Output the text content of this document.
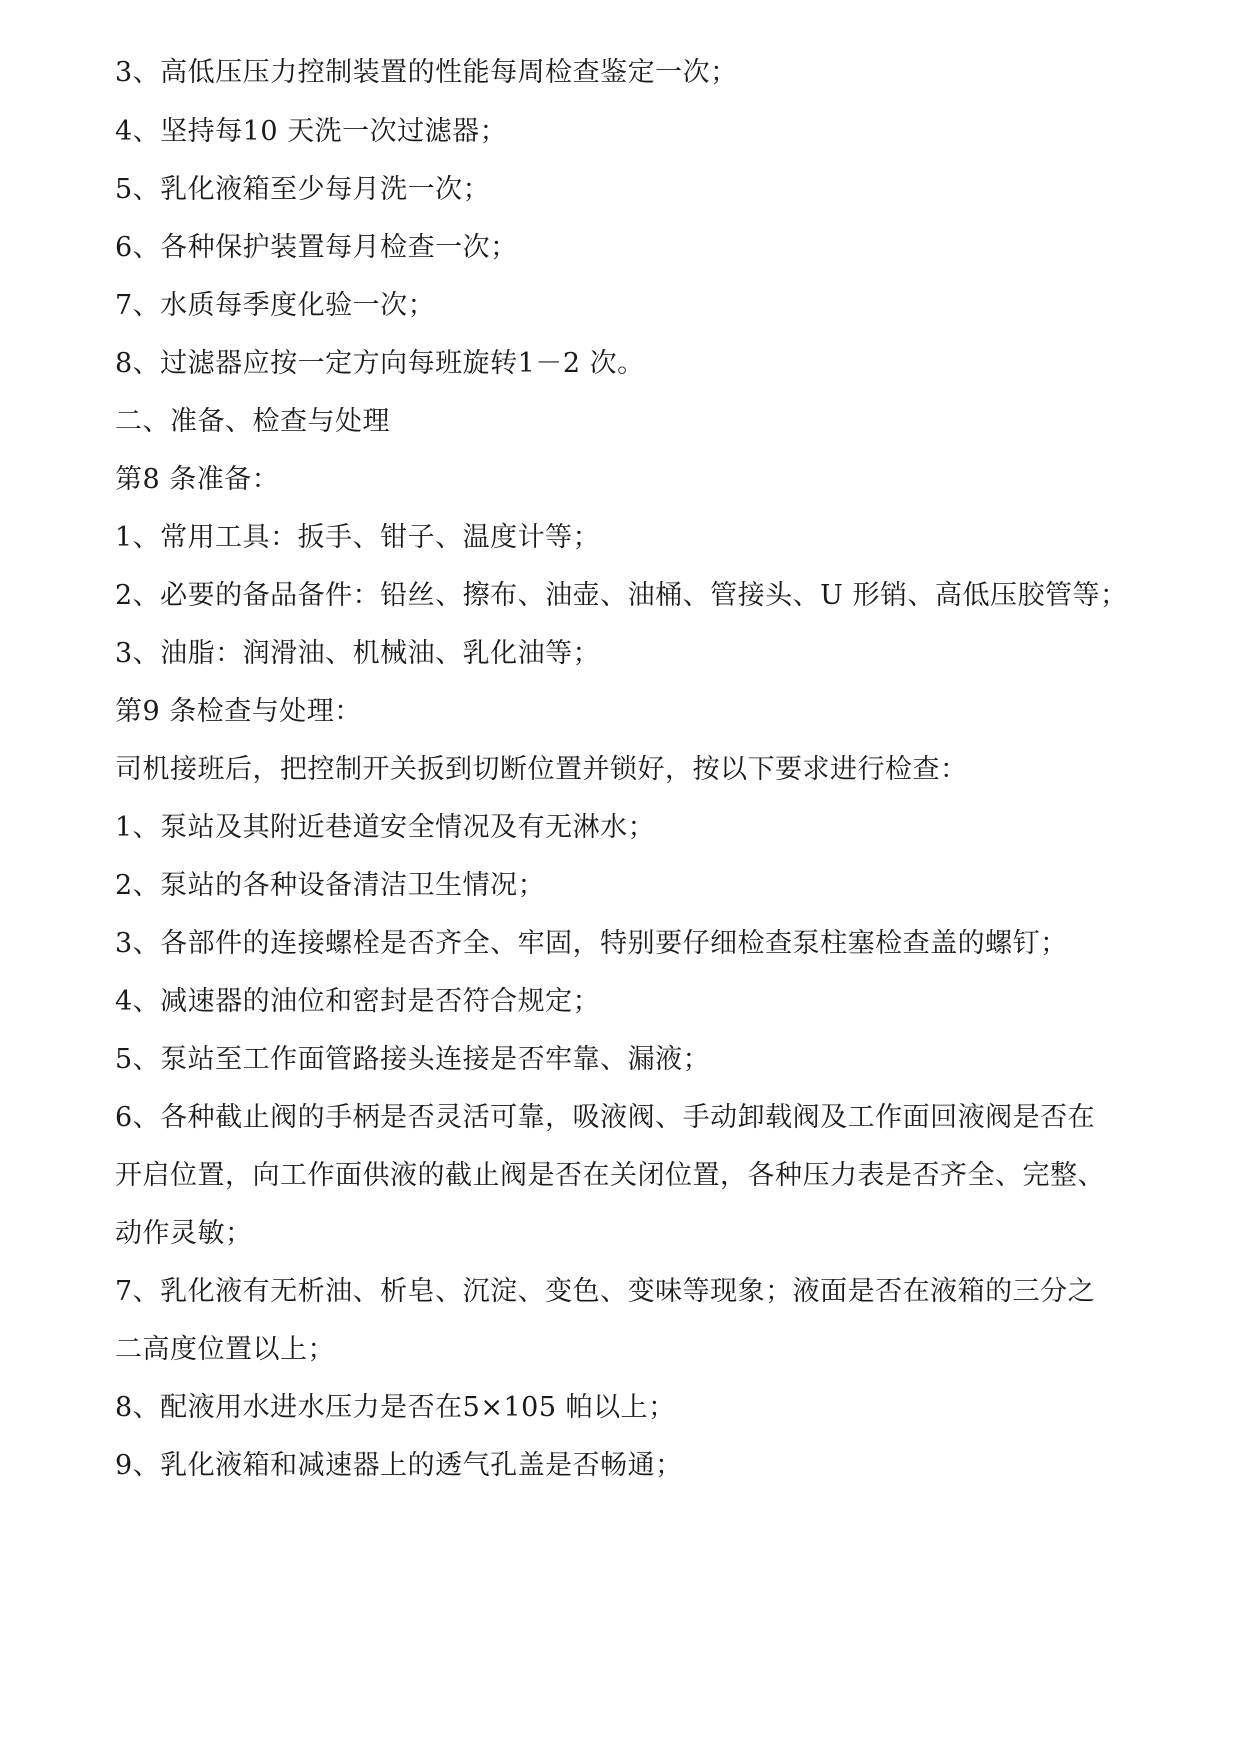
3、高低压压力控制装置的性能每周检查鉴定一次；
4、坚持每10 天洗一次过滤器；
5、乳化液箱至少每月洗一次；
6、各种保护装置每月检查一次；
7、水质每季度化验一次；
8、过滤器应按一定方向每班旋转1－2 次。
二、准备、检查与处理
第8 条准备：
1、常用工具：扳手、钳子、温度计等；
2、必要的备品备件：铅丝、擦布、油壶、油桶、管接头、U 形销、高低压胶管等；
3、油脂：润滑油、机械油、乳化油等；
第9 条检查与处理：
司机接班后，把控制开关扳到切断位置并锁好，按以下要求进行检查：
1、泵站及其附近巷道安全情况及有无淋水；
2、泵站的各种设备清洁卫生情况；
3、各部件的连接螺栓是否齐全、牢固，特别要仔细检查泵柱塞检查盖的螺钉；
4、减速器的油位和密封是否符合规定；
5、泵站至工作面管路接头连接是否牢靠、漏液；
6、各种截止阀的手柄是否灵活可靠，吸液阀、手动卸载阀及工作面回液阀是否在
开启位置，向工作面供液的截止阀是否在关闭位置，各种压力表是否齐全、完整、
动作灵敏；
7、乳化液有无析油、析皂、沉淀、变色、变味等现象；液面是否在液箱的三分之
二高度位置以上；
8、配液用水进水压力是否在5×105 帕以上；
9、乳化液箱和减速器上的透气孔盖是否畅通；
